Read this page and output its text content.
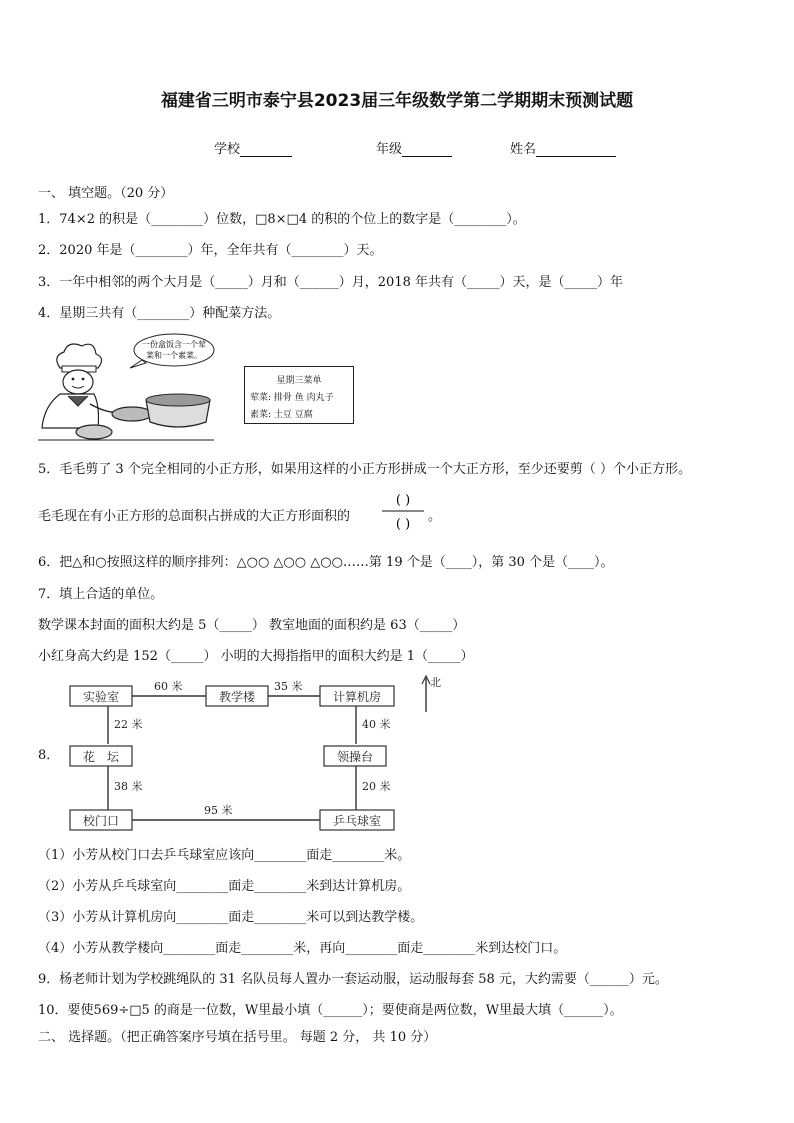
福建省三明市泰宁县2023届三年级数学第二学期期末预测试题
学校	年级	姓名
一、 填空题。（20 分）
1．74×2 的积是（________）位数，□8×□4 的积的个位上的数字是（________）。
2．2020 年是（________）年，全年共有（________）天。
3．一年中相邻的两个大月是（_____）月和（______）月，2018 年共有（_____）天，是（_____）年
4．星期三共有（________）种配菜方法。
一份盒饭含一个荤
菜和一个素菜。
星期三菜单
荤菜: 排骨 鱼 肉丸子
素菜: 土豆 豆腐
5．毛毛剪了 3 个完全相同的小正方形，如果用这样的小正方形拼成一个大正方形，至少还要剪（ ）个小正方形。
毛毛现在有小正方形的总面积占拼成的大正方形面积的
( )
( )
。
6．把△和○按照这样的顺序排列：△○○ △○○ △○○……第 19 个是（____），第 30 个是（____）。
7．填上合适的单位。
数学课本封面的面积大约是 5（_____） 教室地面的面积约是 63（_____）
小红身高大约是 152（_____） 小明的大拇指指甲的面积大约是 1（_____）
8．
实验室	教学楼	计算机房
花　坛	领操台
校门口	乒乓球室
60 米	35 米
22 米	40 米
38 米	20 米
95 米
北
（1）小芳从校门口去乒乓球室应该向________面走________米。
（2）小芳从乒乓球室向________面走________米到达计算机房。
（3）小芳从计算机房向________面走________米可以到达教学楼。
（4）小芳从教学楼向________面走________米，再向________面走________米到达校门口。
9．杨老师计划为学校跳绳队的 31 名队员每人置办一套运动服，运动服每套 58 元，大约需要（______）元。
10．要使569÷□5 的商是一位数，W里最小填（______）；要使商是两位数，W里最大填（______）。
二、 选择题。（把正确答案序号填在括号里。 每题 2 分， 共 10 分）
